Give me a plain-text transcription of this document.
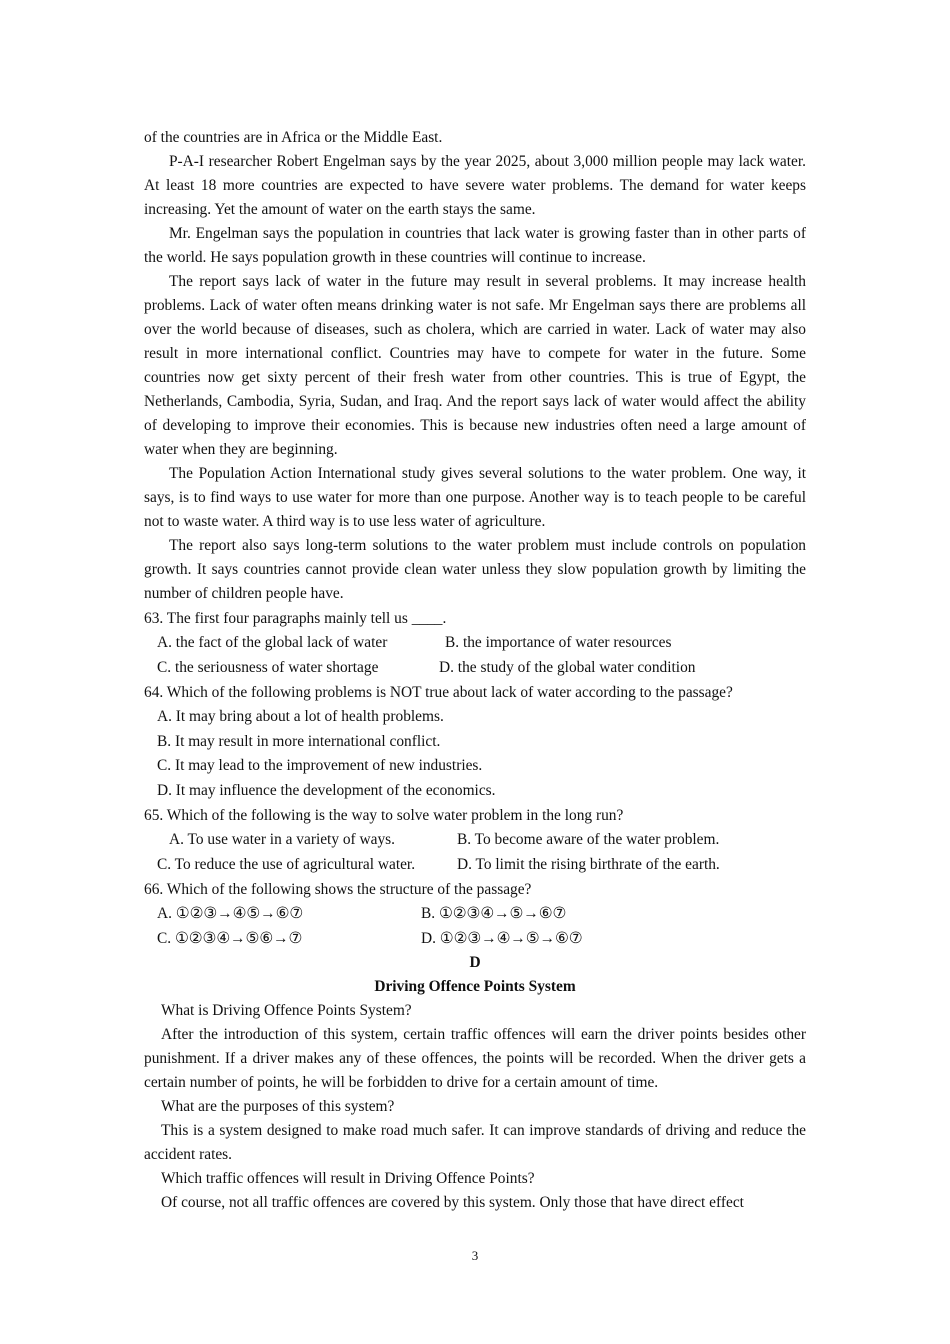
of the countries are in Africa or the Middle East.

P-A-I researcher Robert Engelman says by the year 2025, about 3,000 million people may lack water. At least 18 more countries are expected to have severe water problems. The demand for water keeps increasing. Yet the amount of water on the earth stays the same.

Mr. Engelman says the population in countries that lack water is growing faster than in other parts of the world. He says population growth in these countries will continue to increase.

The report says lack of water in the future may result in several problems. It may increase health problems. Lack of water often means drinking water is not safe. Mr Engelman says there are problems all over the world because of diseases, such as cholera, which are carried in water. Lack of water may also result in more international conflict. Countries may have to compete for water in the future. Some countries now get sixty percent of their fresh water from other countries. This is true of Egypt, the Netherlands, Cambodia, Syria, Sudan, and Iraq. And the report says lack of water would affect the ability of developing to improve their economies. This is because new industries often need a large amount of water when they are beginning.

The Population Action International study gives several solutions to the water problem. One way, it says, is to find ways to use water for more than one purpose. Another way is to teach people to be careful not to waste water. A third way is to use less water of agriculture.

The report also says long-term solutions to the water problem must include controls on population growth. It says countries cannot provide clean water unless they slow population growth by limiting the number of children people have.

63. The first four paragraphs mainly tell us ____.

A. the fact of the global lack of water	B. the importance of water resources
C. the seriousness of water shortage	D. the study of the global water condition

64. Which of the following problems is NOT true about lack of water according to the passage?

A. It may bring about a lot of health problems.
B. It may result in more international conflict.
C. It may lead to the improvement of new industries.
D. It may influence the development of the economics.

65. Which of the following is the way to solve water problem in the long run?

A. To use water in a variety of ways.	B. To become aware of the water problem.
C. To reduce the use of agricultural water.	D. To limit the rising birthrate of the earth.

66. Which of the following shows the structure of the passage?

A. ①②③→④⑤→⑥⑦	B. ①②③④→⑤→⑥⑦
C. ①②③④→⑤⑥→⑦	D. ①②③→④→⑤→⑥⑦

D

Driving Offence Points System

What is Driving Offence Points System?

After the introduction of this system, certain traffic offences will earn the driver points besides other punishment. If a driver makes any of these offences, the points will be recorded. When the driver gets a certain number of points, he will be forbidden to drive for a certain amount of time.

What are the purposes of this system?

This is a system designed to make road much safer. It can improve standards of driving and reduce the accident rates.

Which traffic offences will result in Driving Offence Points?

Of course, not all traffic offences are covered by this system. Only those that have direct effect

3
